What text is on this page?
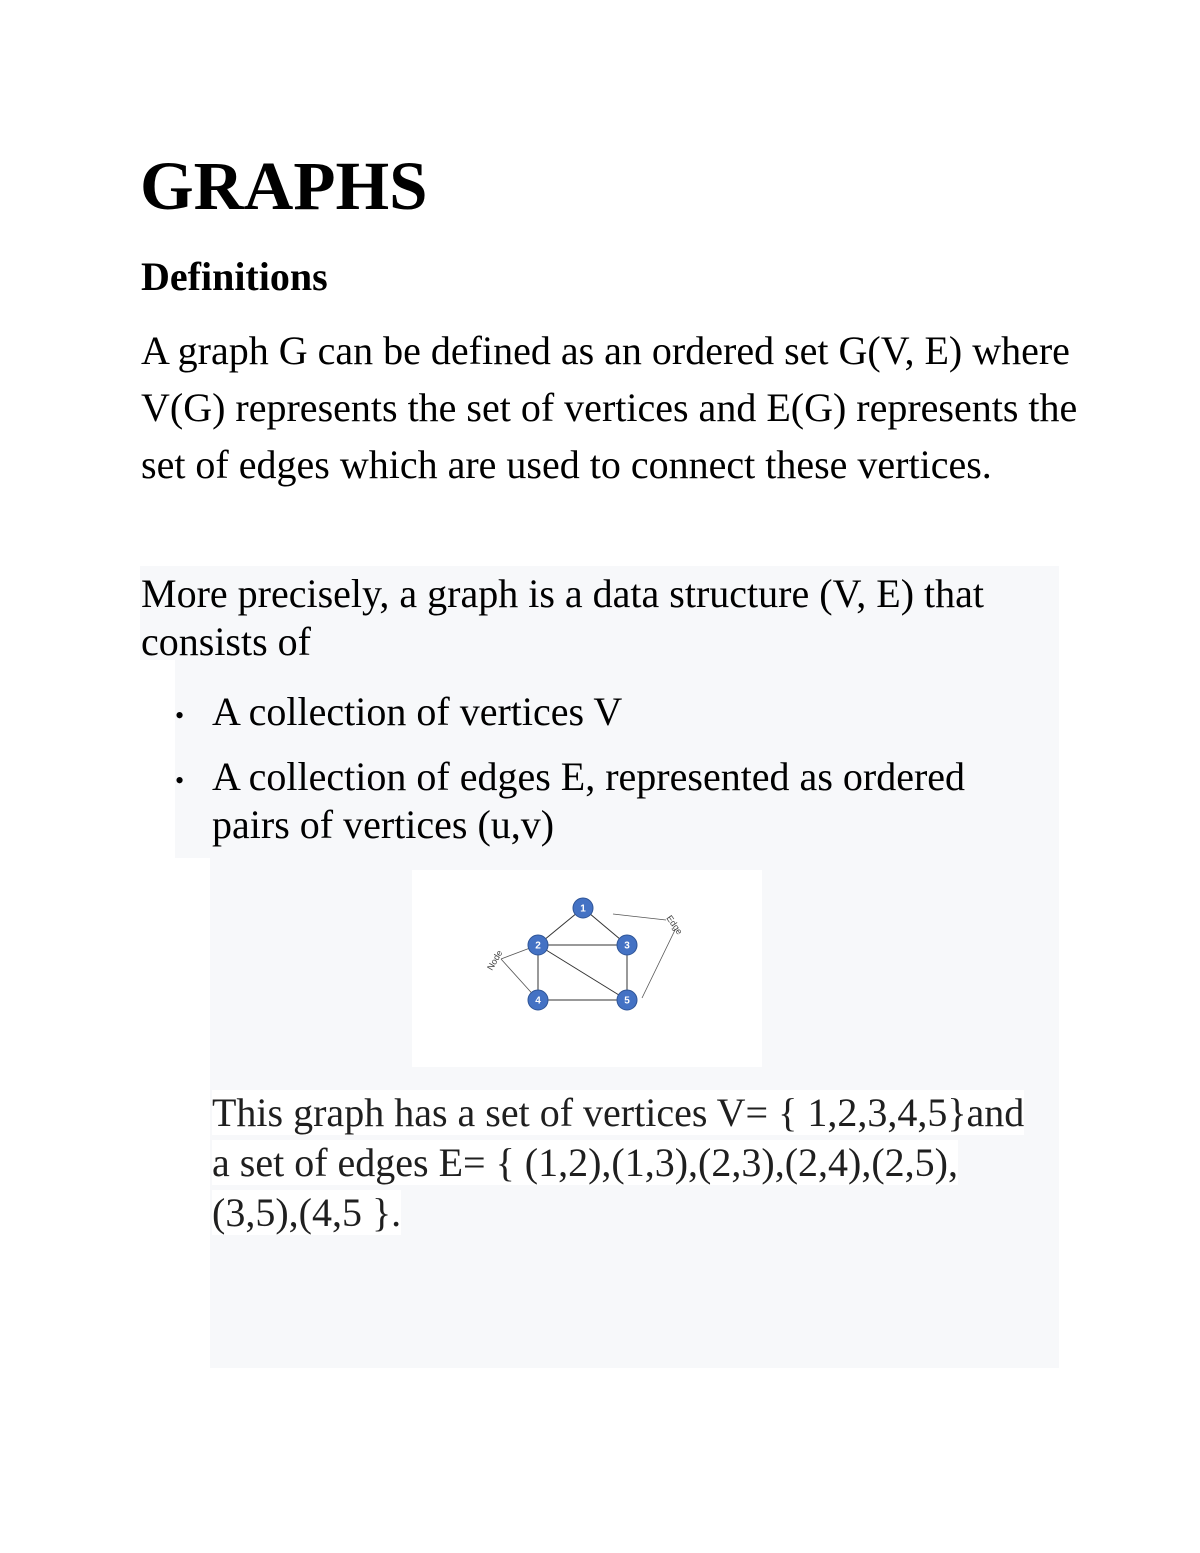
GRAPHS
Definitions

A graph G can be defined as an ordered set G(V, E) where V(G) represents the set of vertices and E(G) represents the set of edges which are used to connect these vertices.

More precisely, a graph is a data structure (V, E) that consists of

• A collection of vertices V
• A collection of edges E, represented as ordered pairs of vertices (u,v)
1
2	3
4	5
Node
Edge

This graph has a set of vertices V= { 1,2,3,4,5}and a set of edges E= { (1,2),(1,3),(2,3),(2,4),(2,5),(3,5),(4,5 }.
